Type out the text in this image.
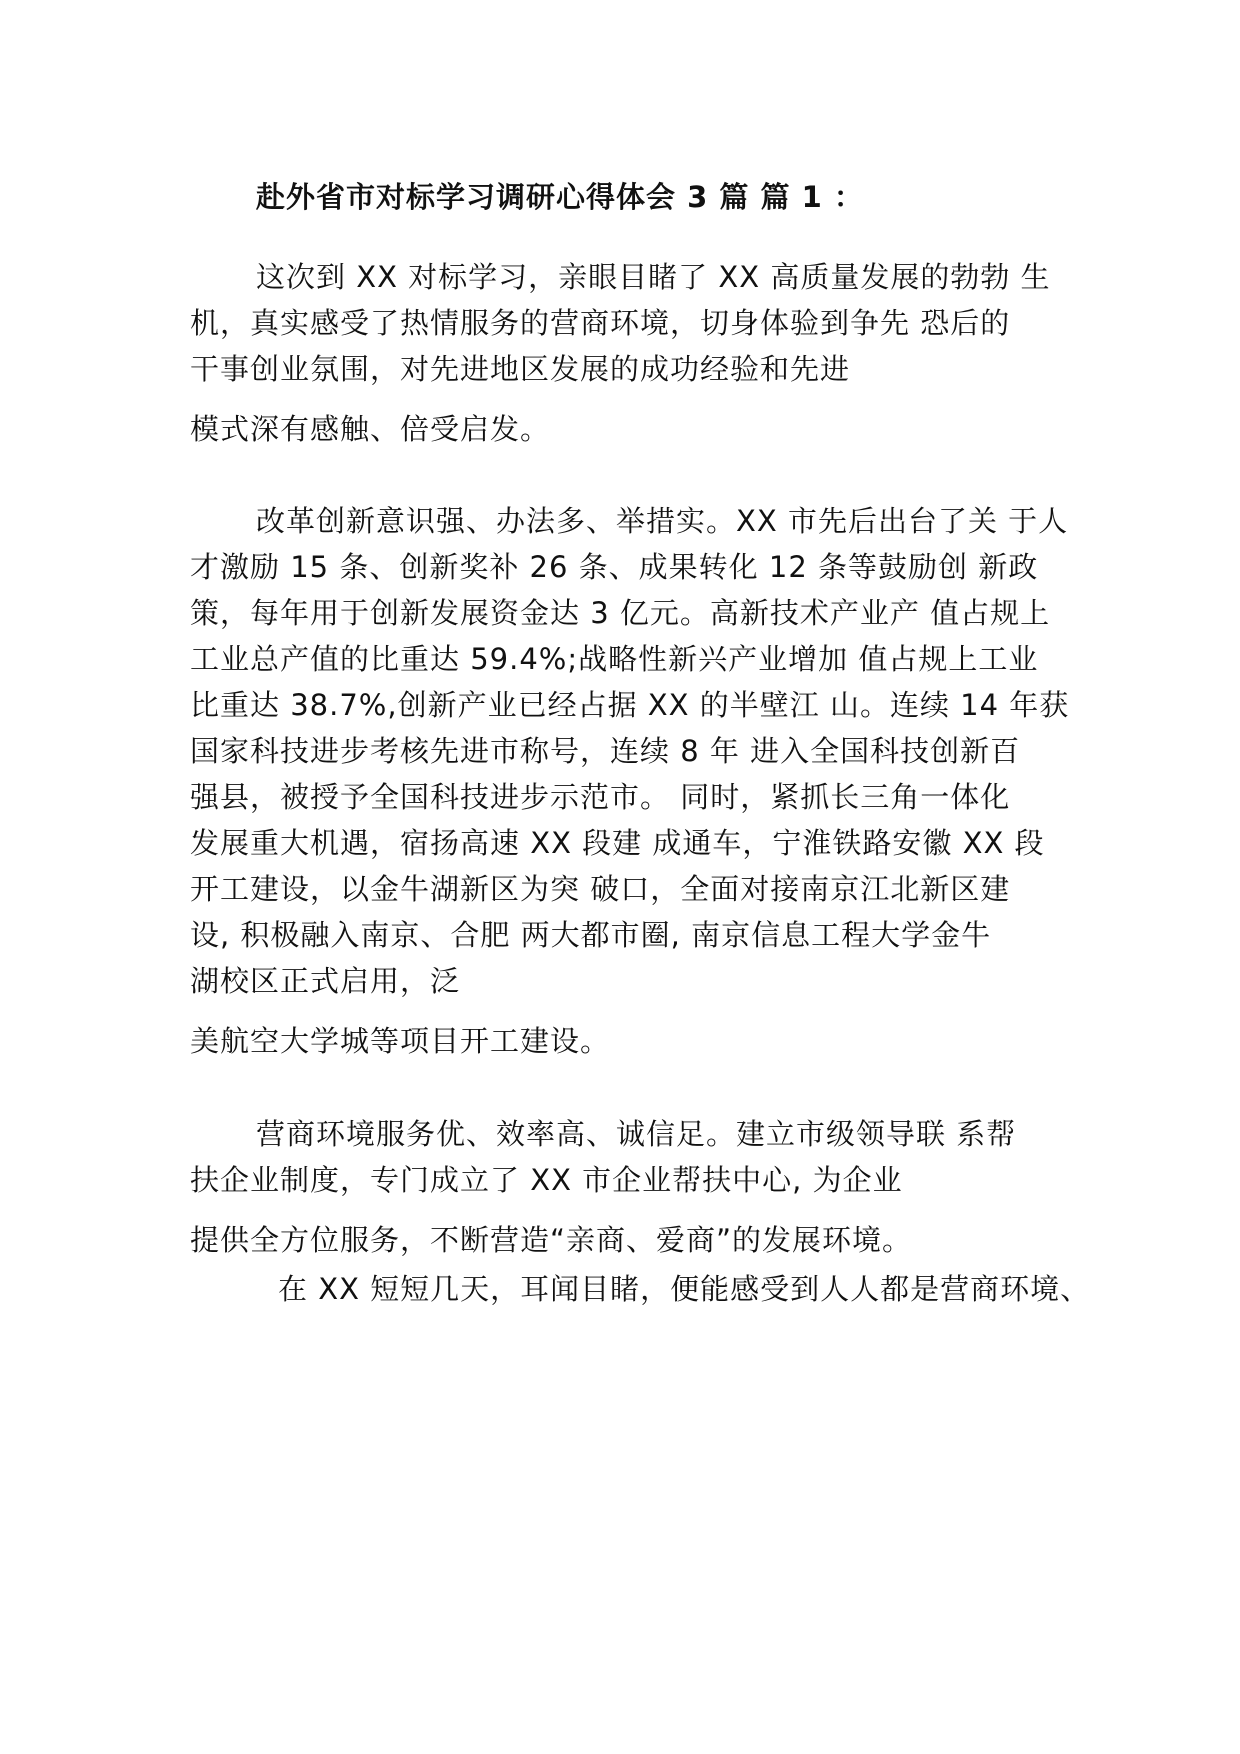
赴外省市对标学习调研心得体会 3 篇 篇 1 ：
这次到 XX 对标学习，亲眼目睹了 XX 高质量发展的勃勃 生
机，真实感受了热情服务的营商环境，切身体验到争先 恐后的
干事创业氛围，对先进地区发展的成功经验和先进
模式深有感触、倍受启发。
改革创新意识强、办法多、举措实。XX 市先后出台了关 于人
才激励 15 条、创新奖补 26 条、成果转化 12 条等鼓励创 新政
策，每年用于创新发展资金达 3 亿元。高新技术产业产 值占规上
工业总产值的比重达 59.4%;战略性新兴产业增加 值占规上工业
比重达 38.7%,创新产业已经占据 XX 的半壁江 山。连续 14 年获
国家科技进步考核先进市称号，连续 8 年 进入全国科技创新百
强县，被授予全国科技进步示范市。 同时，紧抓长三角一体化
发展重大机遇，宿扬高速 XX 段建 成通车，宁淮铁路安徽 XX 段
开工建设，以金牛湖新区为突 破口，全面对接南京江北新区建
设, 积极融入南京、合肥 两大都市圈, 南京信息工程大学金牛
湖校区正式启用，泛
美航空大学城等项目开工建设。
营商环境服务优、效率高、诚信足。建立市级领导联 系帮
扶企业制度，专门成立了 XX 市企业帮扶中心, 为企业
提供全方位服务，不断营造“亲商、爱商”的发展环境。
在 XX 短短几天，耳闻目睹，便能感受到人人都是营商环境、
